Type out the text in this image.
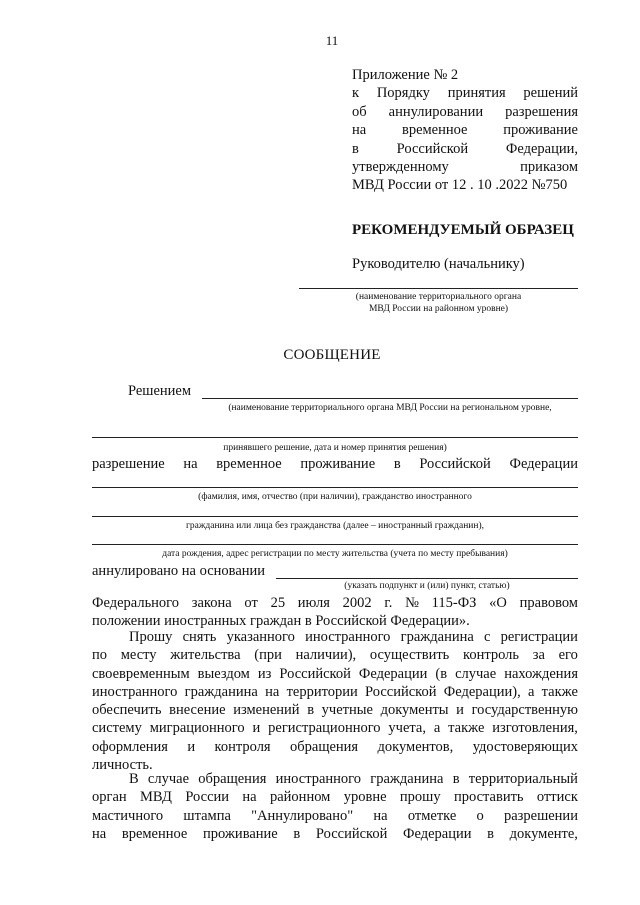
11
Приложение № 2
к Порядку принятия решений
об аннулировании разрешения
на временное проживание
в	Российской	Федерации,
утвержденному	приказом
МВД России от 12 . 10 .2022 №750
РЕКОМЕНДУЕМЫЙ ОБРАЗЕЦ
Руководителю (начальнику)
(наименование территориального органа
МВД России на районном уровне)
СООБЩЕНИЕ
Решением
(наименование территориального органа МВД России на региональном уровне,
принявшего решение, дата и номер принятия решения)
разрешение на временное проживание в Российской Федерации
(фамилия, имя, отчество (при наличии), гражданство иностранного
гражданина или лица без гражданства (далее – иностранный гражданин),
дата рождения, адрес регистрации по месту жительства (учета по месту пребывания)
аннулировано на основании
(указать подпункт и (или) пункт, статью)
Федерального закона от 25 июля 2002 г. № 115-ФЗ «О правовом
положении иностранных граждан в Российской Федерации».
Прошу снять указанного иностранного гражданина с регистрации
по месту жительства (при наличии), осуществить контроль за его
своевременным выездом из Российской Федерации (в случае нахождения
иностранного гражданина на территории Российской Федерации), а также
обеспечить внесение изменений в учетные документы и государственную
систему миграционного и регистрационного учета, а также изготовления,
оформления и контроля обращения документов, удостоверяющих
личность.
В случае обращения иностранного гражданина в территориальный
орган МВД России на районном уровне прошу проставить оттиск
мастичного штампа "Аннулировано" на отметке о разрешении
на временное проживание в Российской Федерации в документе,
